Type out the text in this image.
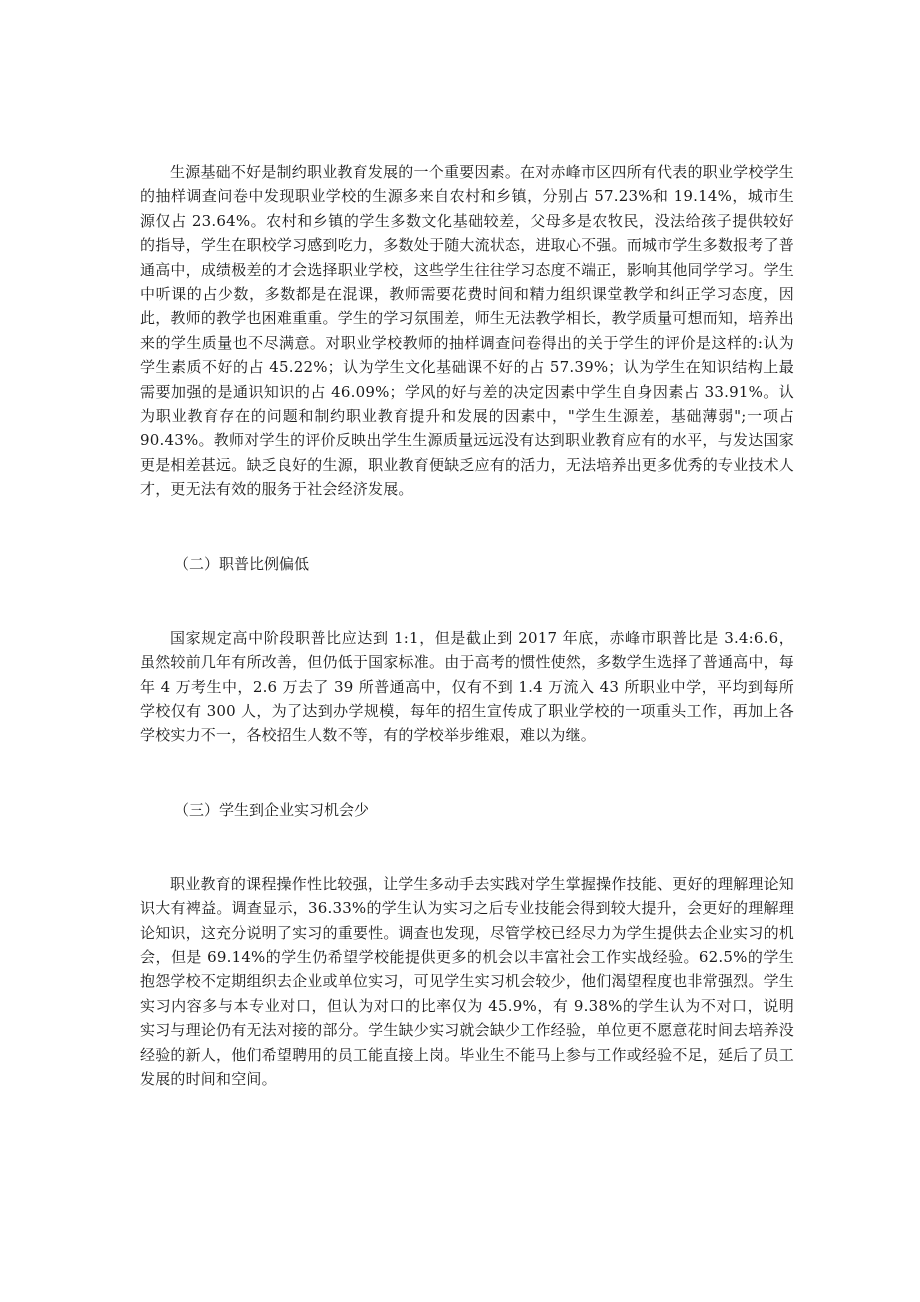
生源基础不好是制约职业教育发展的一个重要因素。在对赤峰市区四所有代表的职业学校学生的抽样调查问卷中发现职业学校的生源多来自农村和乡镇，分别占 57.23%和 19.14%，城市生源仅占 23.64%。农村和乡镇的学生多数文化基础较差，父母多是农牧民，没法给孩子提供较好的指导，学生在职校学习感到吃力，多数处于随大流状态，进取心不强。而城市学生多数报考了普通高中，成绩极差的才会选择职业学校，这些学生往往学习态度不端正，影响其他同学学习。学生中听课的占少数，多数都是在混课，教师需要花费时间和精力组织课堂教学和纠正学习态度，因此，教师的教学也困难重重。学生的学习氛围差，师生无法教学相长，教学质量可想而知，培养出来的学生质量也不尽满意。对职业学校教师的抽样调查问卷得出的关于学生的评价是这样的:认为学生素质不好的占 45.22%；认为学生文化基础课不好的占 57.39%；认为学生在知识结构上最需要加强的是通识知识的占 46.09%；学风的好与差的决定因素中学生自身因素占 33.91%。认为职业教育存在的问题和制约职业教育提升和发展的因素中，"学生生源差，基础薄弱";一项占 90.43%。教师对学生的评价反映出学生生源质量远远没有达到职业教育应有的水平，与发达国家更是相差甚远。缺乏良好的生源，职业教育便缺乏应有的活力，无法培养出更多优秀的专业技术人才，更无法有效的服务于社会经济发展。

（二）职普比例偏低

国家规定高中阶段职普比应达到 1:1，但是截止到 2017 年底，赤峰市职普比是 3.4:6.6，虽然较前几年有所改善，但仍低于国家标准。由于高考的惯性使然，多数学生选择了普通高中，每年 4 万考生中，2.6 万去了 39 所普通高中，仅有不到 1.4 万流入 43 所职业中学，平均到每所学校仅有 300 人，为了达到办学规模，每年的招生宣传成了职业学校的一项重头工作，再加上各学校实力不一，各校招生人数不等，有的学校举步维艰，难以为继。

（三）学生到企业实习机会少

职业教育的课程操作性比较强，让学生多动手去实践对学生掌握操作技能、更好的理解理论知识大有裨益。调查显示，36.33%的学生认为实习之后专业技能会得到较大提升，会更好的理解理论知识，这充分说明了实习的重要性。调查也发现，尽管学校已经尽力为学生提供去企业实习的机会，但是 69.14%的学生仍希望学校能提供更多的机会以丰富社会工作实战经验。62.5%的学生抱怨学校不定期组织去企业或单位实习，可见学生实习机会较少，他们渴望程度也非常强烈。学生实习内容多与本专业对口，但认为对口的比率仅为 45.9%，有 9.38%的学生认为不对口，说明实习与理论仍有无法对接的部分。学生缺少实习就会缺少工作经验，单位更不愿意花时间去培养没经验的新人，他们希望聘用的员工能直接上岗。毕业生不能马上参与工作或经验不足，延后了员工发展的时间和空间。
